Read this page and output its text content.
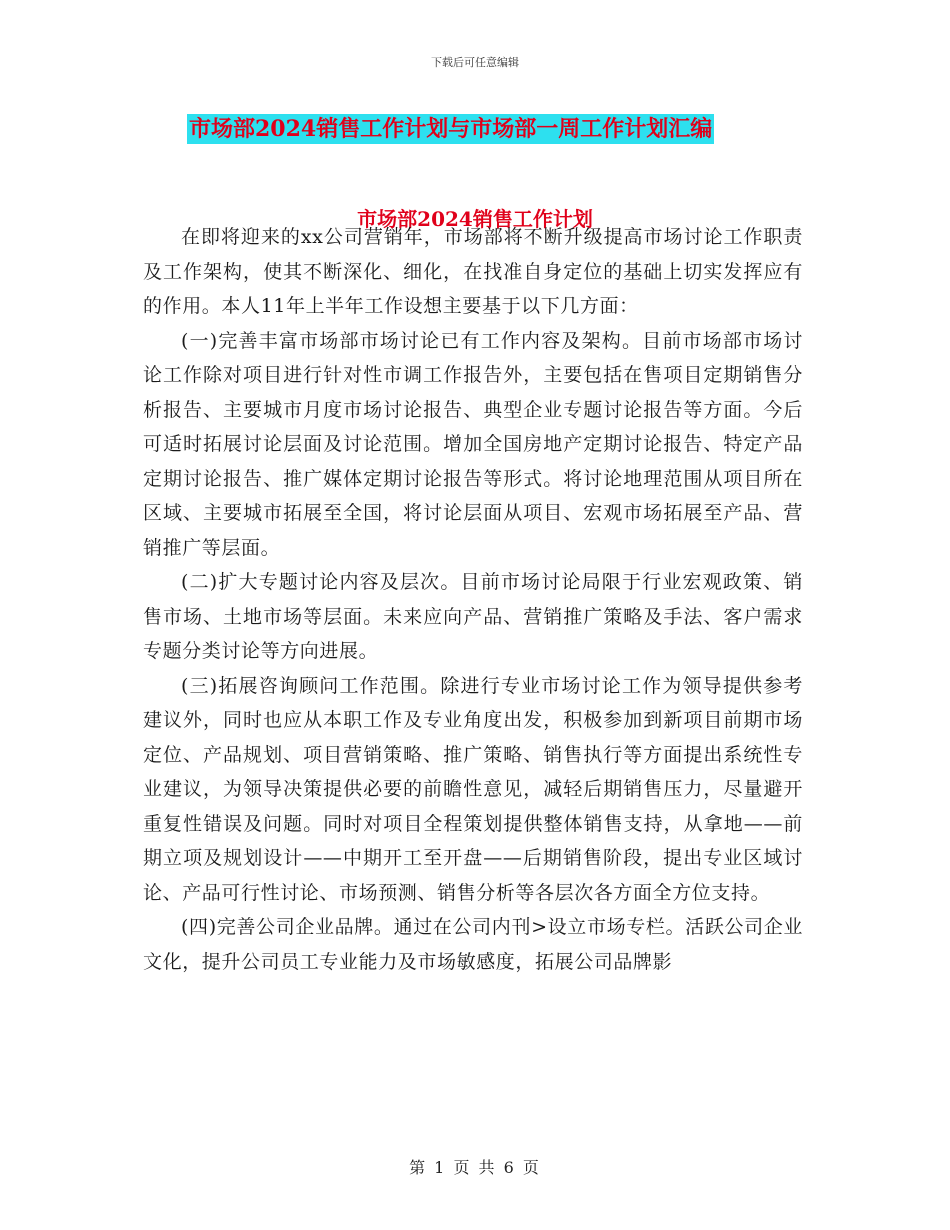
下载后可任意编辑
市场部2024销售工作计划与市场部一周工作计划汇编
市场部2024销售工作计划

在即将迎来的xx公司营销年，市场部将不断升级提高市场讨论工作职责及工作架构，使其不断深化、细化，在找准自身定位的基础上切实发挥应有的作用。本人11年上半年工作设想主要基于以下几方面：

(一)完善丰富市场部市场讨论已有工作内容及架构。目前市场部市场讨论工作除对项目进行针对性市调工作报告外，主要包括在售项目定期销售分析报告、主要城市月度市场讨论报告、典型企业专题讨论报告等方面。今后可适时拓展讨论层面及讨论范围。增加全国房地产定期讨论报告、特定产品定期讨论报告、推广媒体定期讨论报告等形式。将讨论地理范围从项目所在区域、主要城市拓展至全国，将讨论层面从项目、宏观市场拓展至产品、营销推广等层面。

(二)扩大专题讨论内容及层次。目前市场讨论局限于行业宏观政策、销售市场、土地市场等层面。未来应向产品、营销推广策略及手法、客户需求专题分类讨论等方向进展。

(三)拓展咨询顾问工作范围。除进行专业市场讨论工作为领导提供参考建议外，同时也应从本职工作及专业角度出发，积极参加到新项目前期市场定位、产品规划、项目营销策略、推广策略、销售执行等方面提出系统性专业建议，为领导决策提供必要的前瞻性意见，减轻后期销售压力，尽量避开重复性错误及问题。同时对项目全程策划提供整体销售支持，从拿地——前期立项及规划设计——中期开工至开盘——后期销售阶段，提出专业区域讨论、产品可行性讨论、市场预测、销售分析等各层次各方面全方位支持。

(四)完善公司企业品牌。通过在公司内刊>设立市场专栏。活跃公司企业文化，提升公司员工专业能力及市场敏感度，拓展公司品牌影

第 1 页 共 6 页
